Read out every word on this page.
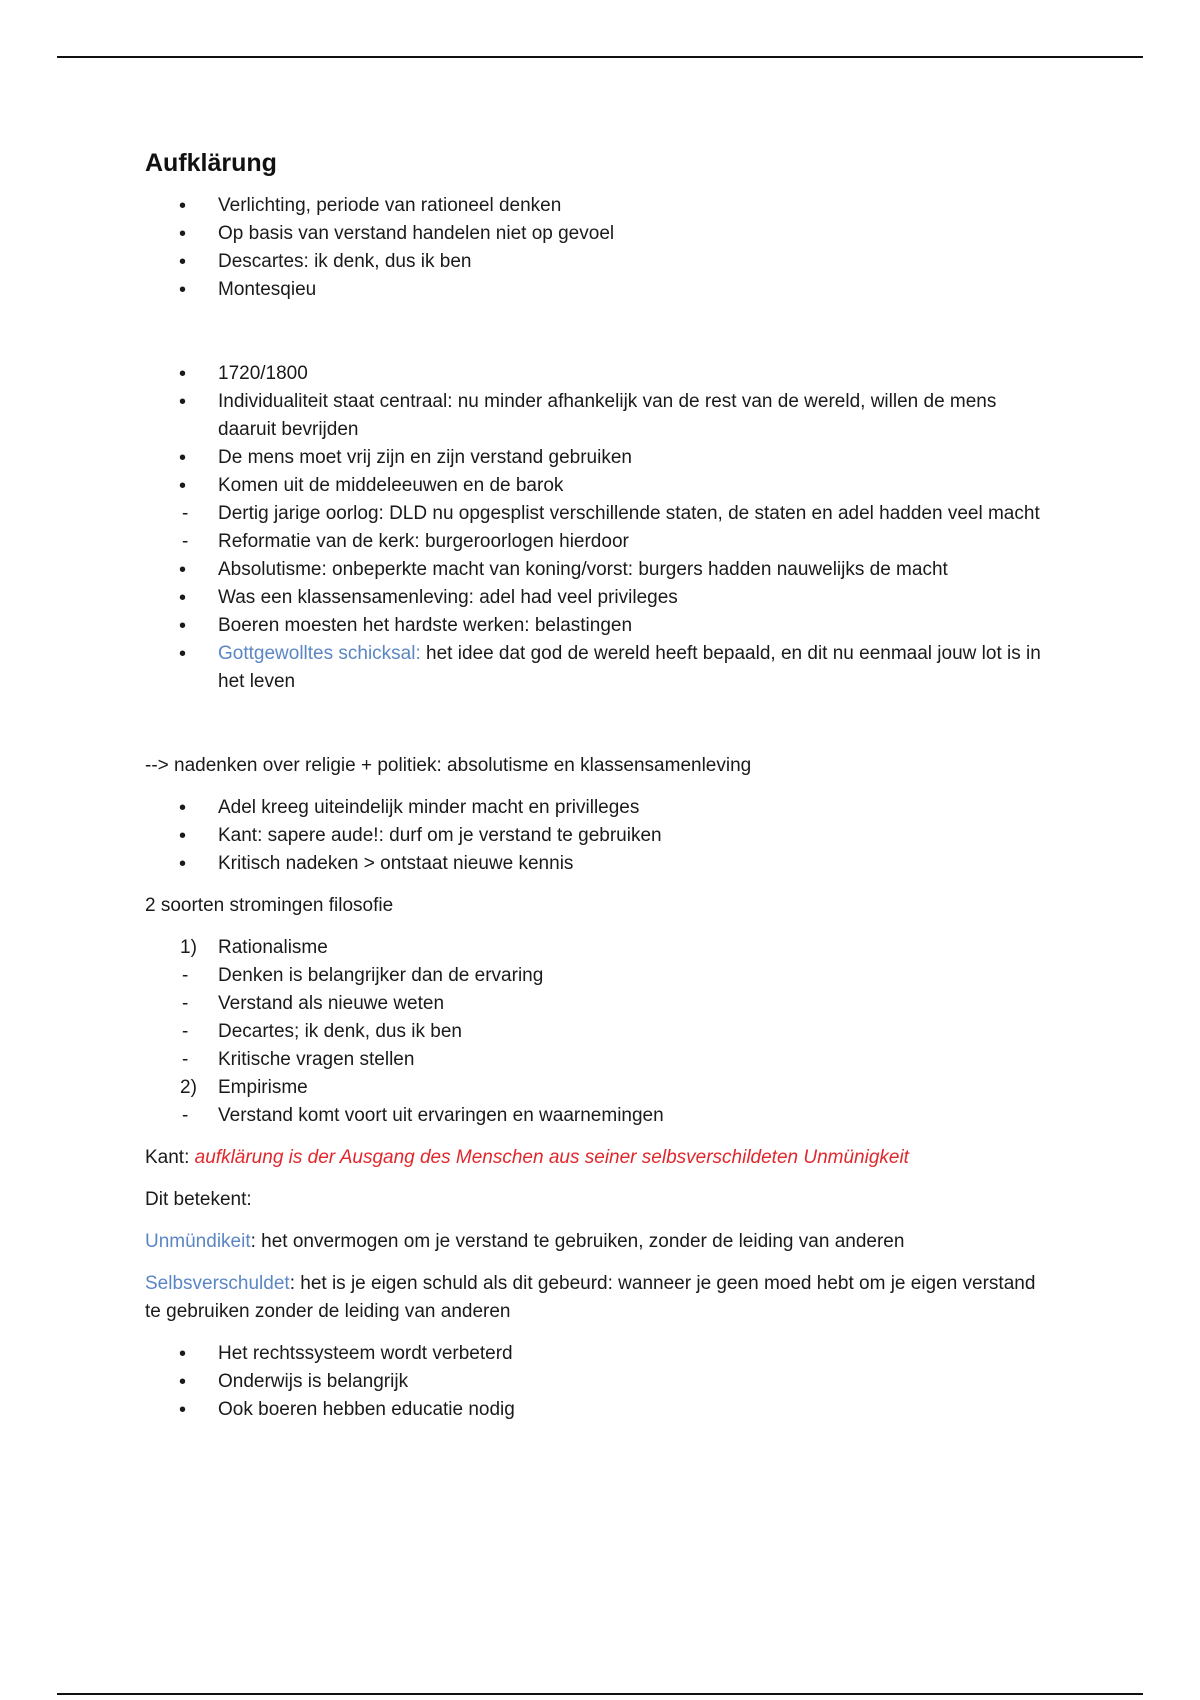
Aufklärung
•	Verlichting, periode van rationeel denken
•	Op basis van verstand handelen niet op gevoel
•	Descartes: ik denk, dus ik ben
•	Montesqieu
•	1720/1800
•	Individualiteit staat centraal: nu minder afhankelijk van de rest van de wereld, willen de mens daaruit bevrijden
•	De mens moet vrij zijn en zijn verstand gebruiken
•	Komen uit de middeleeuwen en de barok
-	Dertig jarige oorlog: DLD nu opgesplist verschillende staten, de staten en adel hadden veel macht
-	Reformatie van de kerk: burgeroorlogen hierdoor
•	Absolutisme: onbeperkte macht van koning/vorst: burgers hadden nauwelijks de macht
•	Was een klassensamenleving: adel had veel privileges
•	Boeren moesten het hardste werken: belastingen
•	Gottgewolltes schicksal: het idee dat god de wereld heeft bepaald, en dit nu eenmaal jouw lot is in het leven

--> nadenken over religie + politiek: absolutisme en klassensamenleving

•	Adel kreeg uiteindelijk minder macht en privilleges
•	Kant: sapere aude!: durf om je verstand te gebruiken
•	Kritisch nadeken > ontstaat nieuwe kennis

2 soorten stromingen filosofie

1)	Rationalisme
-	Denken is belangrijker dan de ervaring
-	Verstand als nieuwe weten
-	Decartes; ik denk, dus ik ben
-	Kritische vragen stellen
2)	Empirisme
-	Verstand komt voort uit ervaringen en waarnemingen

Kant: aufklärung is der Ausgang des Menschen aus seiner selbsverschildeten Unmünigkeit

Dit betekent:

Unmündikeit: het onvermogen om je verstand te gebruiken, zonder de leiding van anderen

Selbsverschuldet: het is je eigen schuld als dit gebeurd: wanneer je geen moed hebt om je eigen verstand te gebruiken zonder de leiding van anderen

•	Het rechtssysteem wordt verbeterd
•	Onderwijs is belangrijk
•	Ook boeren hebben educatie nodig
